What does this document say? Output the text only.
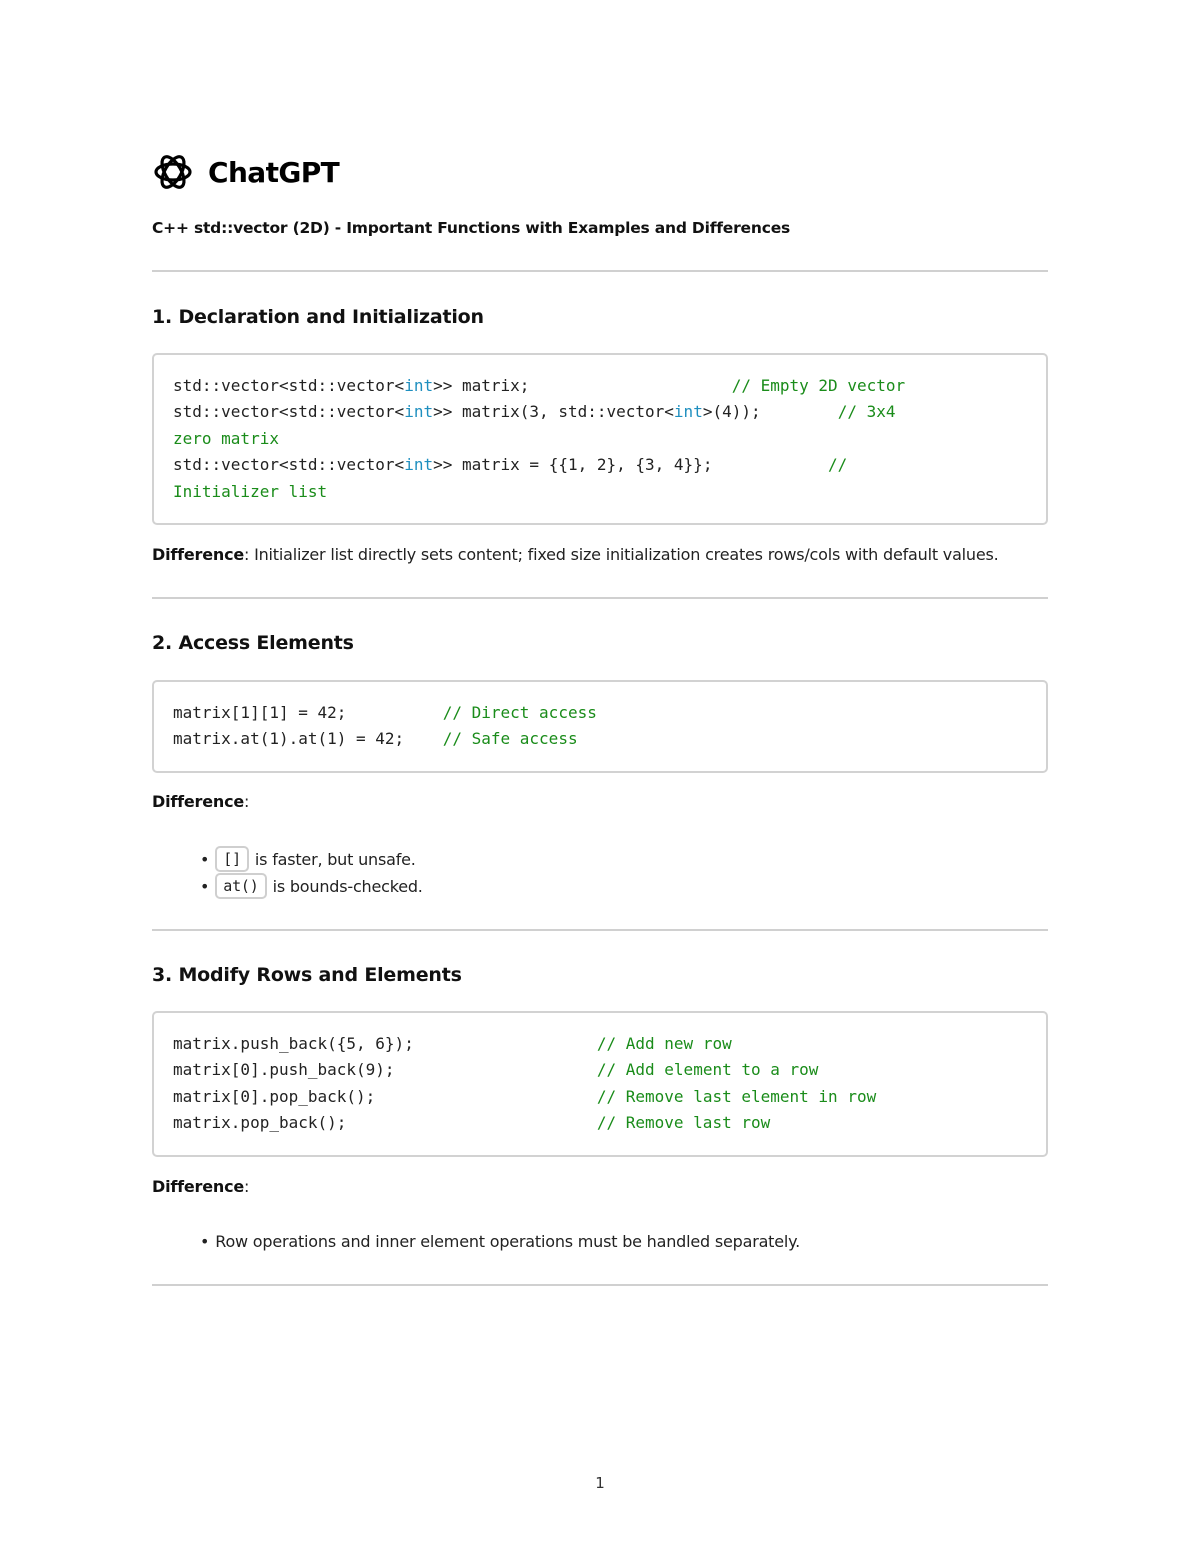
ChatGPT
C++ std::vector (2D) - Important Functions with Examples and Differences
1. Declaration and Initialization
std::vector<std::vector<int>> matrix;	// Empty 2D vector
std::vector<std::vector<int>> matrix(3, std::vector<int>(4));	// 3x4
zero matrix
std::vector<std::vector<int>> matrix = {{1, 2}, {3, 4}};	//
Initializer list
Difference: Initializer list directly sets content; fixed size initialization creates rows/cols with default values.
2. Access Elements
matrix[1][1] = 42;	// Direct access
matrix.at(1).at(1) = 42; // Safe access
Difference:
• [] is faster, but unsafe.
• at() is bounds-checked.
3. Modify Rows and Elements
matrix.push_back({5, 6});	// Add new row
matrix[0].push_back(9);	// Add element to a row
matrix[0].pop_back();	// Remove last element in row
matrix.pop_back();	// Remove last row
Difference:
• Row operations and inner element operations must be handled separately.
1
